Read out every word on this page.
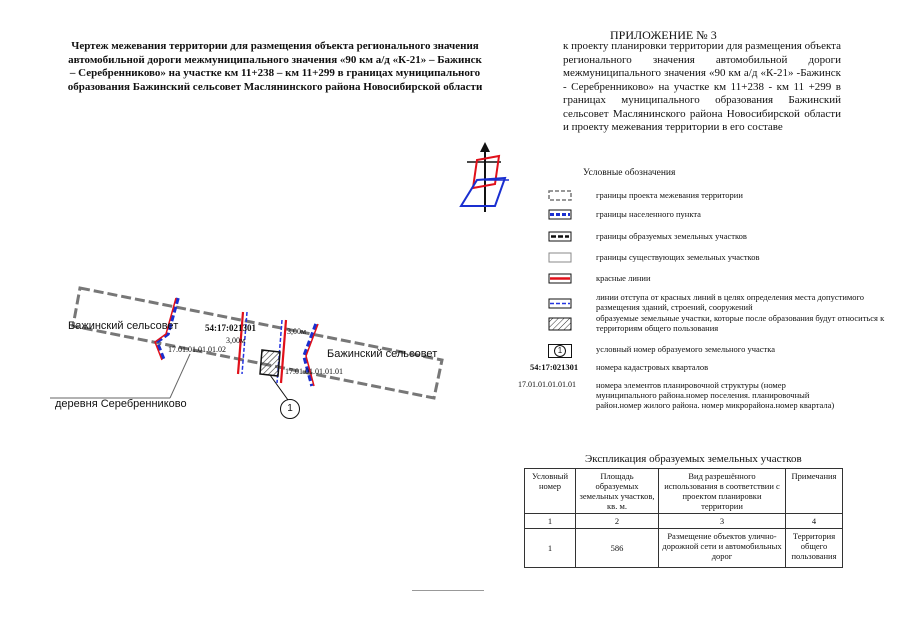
Чертеж межевания территории для размещения объекта регионального значения автомобильной дороги межмуниципального значения «90 км а/д «К-21» – Бажинск – Серебренниково» на участке км 11+238 – км 11+299 в границах муниципального образования Бажинский сельсовет Маслянинского района Новосибирской области
ПРИЛОЖЕНИЕ № 3
к проекту планировки территории для размещения объекта регионального значения автомобильной дороги межмуниципального значения «90 км а/д «К-21» -Бажинск - Серебренниково» на участке км 11+238 - км 11 +299 в границах муниципального образования Бажинский сельсовет Маслянинского района Новосибирской области и проекту межевания территории в его составе
Бажинский сельсовет
Бажинский сельсовет
деревня Серебренниково
54:17:021301
3,00м
3,00м
17.01.01.01.01.02
17.01.01.01.01.01
1
Условные обозначения
границы проекта межевания территории
границы населенного пункта
границы образуемых земельных участков
границы существующих земельных участков
красные линии
линии отступа от красных линий в целях определения места допустимого размещения зданий, строений, сооружений
образуемые земельные участки, которые после образования будут относиться к территориям общего пользования
1	условный номер образуемого земельного участка
54:17:021301 номера кадастровых кварталов
17.01.01.01.01.01 номера элементов планировочной структуры (номер муниципального района.номер поселения. планировочный район.номер жилого района. номер микрорайона.номер квартала)
Экспликация образуемых земельных участков
Условный номер	Площадь образуемых земельных участков, кв. м.	Вид разрешённого использования в соответствии с проектом планировки территории	Примечания
1	2	3	4
1	586	Размещение объектов улично-дорожной сети и автомобильных дорог	Территория общего пользования
